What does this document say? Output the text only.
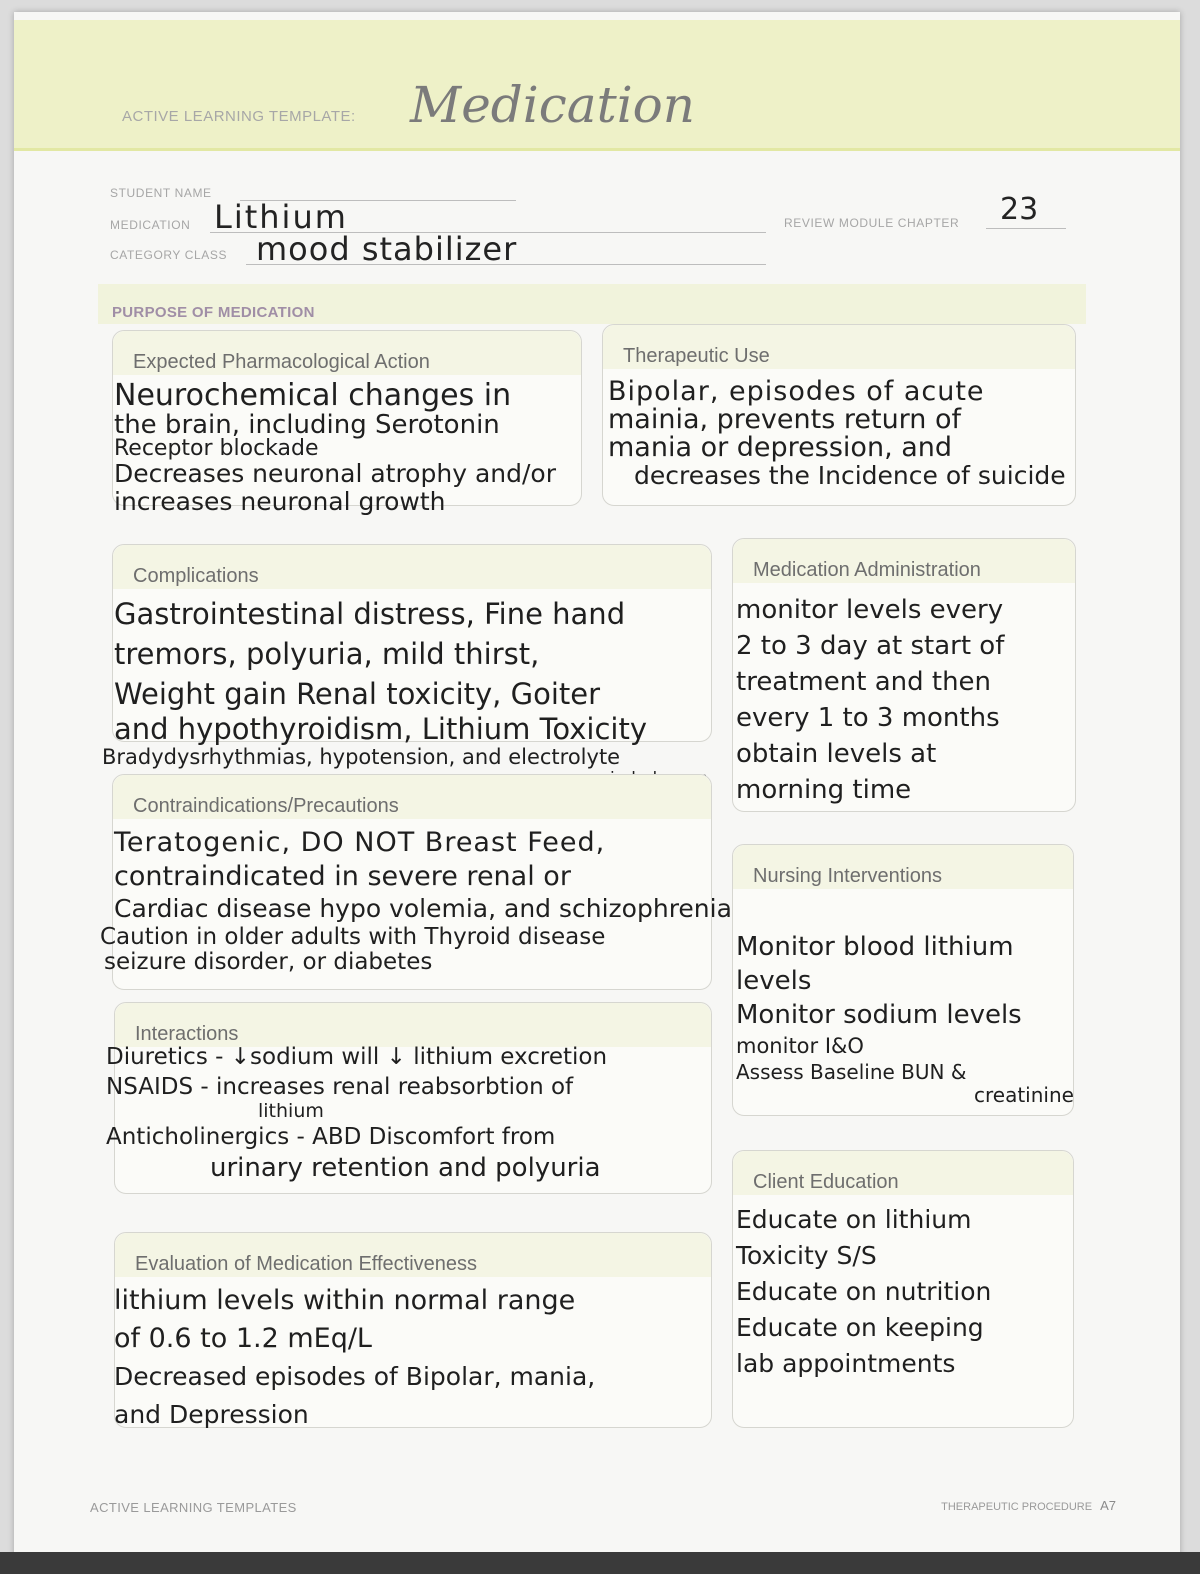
ACTIVE LEARNING TEMPLATE: Medication
STUDENT NAME
MEDICATION Lithium
CATEGORY CLASS mood stabilizer
REVIEW MODULE CHAPTER 23
PURPOSE OF MEDICATION
Expected Pharmacological Action
Neurochemical changes in
the brain, including Serotonin
Receptor blockade
Decreases neuronal atrophy and/or
increases neuronal growth
Therapeutic Use
Bipolar, episodes of acute
mainia, prevents return of
mania or depression, and
decreases the Incidence of suicide
Complications
Gastrointestinal distress, Fine hand
tremors, polyuria, mild thirst,
Weight gain Renal toxicity, Goiter
and hypothyroidism, Lithium Toxicity
Bradydysrhythmias, hypotension, and electrolyte
Medication Administration
monitor levels every
2 to 3 day at start of
treatment and then
every 1 to 3 months
obtain levels at
morning time
Contraindications/Precautions
Teratogenic, DO NOT Breast Feed,
contraindicated in severe renal or
Cardiac disease hypo volemia, and schizophrenia
Caution in older adults with Thyroid disease
seizure disorder, or diabetes
Nursing Interventions
Monitor blood lithium
levels
Monitor sodium levels
monitor I&O
Assess Baseline BUN &
creatinine
Interactions
Diuretics - ↓sodium will ↓ lithium excretion
NSAIDS - increases renal reabsorbtion of
lithium
Anticholinergics - ABD Discomfort from
urinary retention and polyuria	Client Education
Educate on lithium
Toxicity S/S
Educate on nutrition
Educate on keeping
lab appointments
Evaluation of Medication Effectiveness
lithium levels within normal range
of 0.6 to 1.2 mEq/L
Decreased episodes of Bipolar, mania,
and Depression
ACTIVE LEARNING TEMPLATES	THERAPEUTIC PROCEDURE A7
